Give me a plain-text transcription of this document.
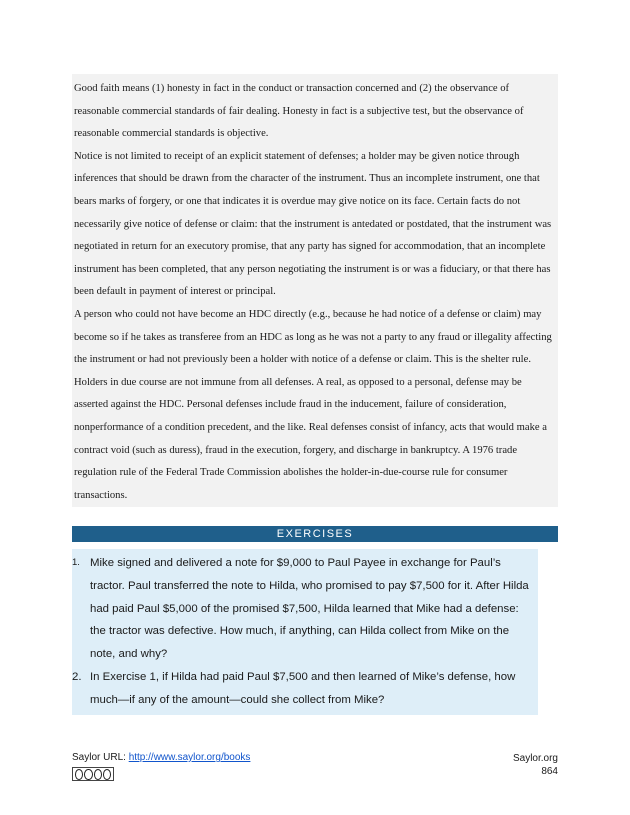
Good faith means (1) honesty in fact in the conduct or transaction concerned and (2) the observance of reasonable commercial standards of fair dealing. Honesty in fact is a subjective test, but the observance of reasonable commercial standards is objective.

Notice is not limited to receipt of an explicit statement of defenses; a holder may be given notice through inferences that should be drawn from the character of the instrument. Thus an incomplete instrument, one that bears marks of forgery, or one that indicates it is overdue may give notice on its face. Certain facts do not necessarily give notice of defense or claim: that the instrument is antedated or postdated, that the instrument was negotiated in return for an executory promise, that any party has signed for accommodation, that an incomplete instrument has been completed, that any person negotiating the instrument is or was a fiduciary, or that there has been default in payment of interest or principal.

A person who could not have become an HDC directly (e.g., because he had notice of a defense or claim) may become so if he takes as transferee from an HDC as long as he was not a party to any fraud or illegality affecting the instrument or had not previously been a holder with notice of a defense or claim. This is the shelter rule.

Holders in due course are not immune from all defenses. A real, as opposed to a personal, defense may be asserted against the HDC. Personal defenses include fraud in the inducement, failure of consideration, nonperformance of a condition precedent, and the like. Real defenses consist of infancy, acts that would make a contract void (such as duress), fraud in the execution, forgery, and discharge in bankruptcy. A 1976 trade regulation rule of the Federal Trade Commission abolishes the holder-in-due-course rule for consumer transactions.

EXERCISES
1. Mike signed and delivered a note for $9,000 to Paul Payee in exchange for Paul’s tractor. Paul transferred the note to Hilda, who promised to pay $7,500 for it. After Hilda had paid Paul $5,000 of the promised $7,500, Hilda learned that Mike had a defense: the tractor was defective. How much, if anything, can Hilda collect from Mike on the note, and why?
2. In Exercise 1, if Hilda had paid Paul $7,500 and then learned of Mike’s defense, how much—if any of the amount—could she collect from Mike?
Saylor URL: http://www.saylor.org/books	Saylor.org
864
